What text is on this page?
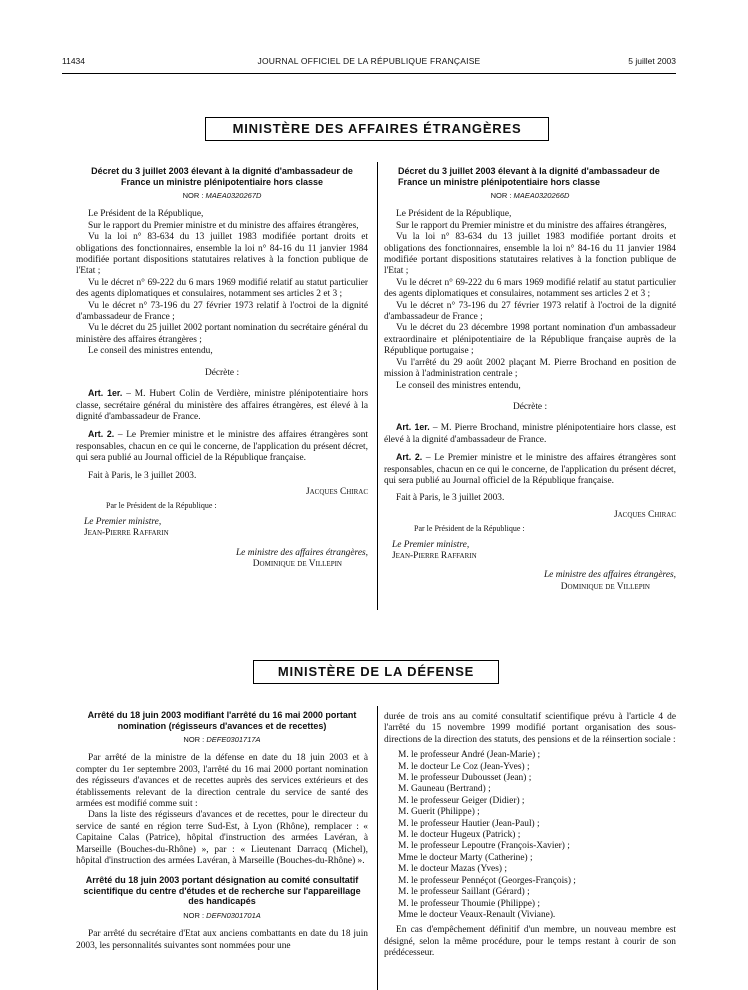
11434	JOURNAL OFFICIEL DE LA RÉPUBLIQUE FRANÇAISE	5 juillet 2003
MINISTÈRE DES AFFAIRES ÉTRANGÈRES
Décret du 3 juillet 2003 élevant à la dignité d'ambassadeur de France un ministre plénipotentiaire hors classe
NOR : MAEA0320267D

Le Président de la République,

Sur le rapport du Premier ministre et du ministre des affaires étrangères,

Vu la loi n° 83-634 du 13 juillet 1983 modifiée portant droits et obligations des fonctionnaires, ensemble la loi n° 84-16 du 11 janvier 1984 modifiée portant dispositions statutaires relatives à la fonction publique de l'Etat ;

Vu le décret n° 69-222 du 6 mars 1969 modifié relatif au statut particulier des agents diplomatiques et consulaires, notamment ses articles 2 et 3 ;

Vu le décret n° 73-196 du 27 février 1973 relatif à l'octroi de la dignité d'ambassadeur de France ;

Vu le décret du 25 juillet 2002 portant nomination du secrétaire général du ministère des affaires étrangères ;

Le conseil des ministres entendu,

Décrète :

Art. 1er. – M. Hubert Colin de Verdière, ministre plénipotentiaire hors classe, secrétaire général du ministère des affaires étrangères, est élevé à la dignité d'ambassadeur de France.

Art. 2. – Le Premier ministre et le ministre des affaires étrangères sont responsables, chacun en ce qui le concerne, de l'application du présent décret, qui sera publié au Journal officiel de la République française.

Fait à Paris, le 3 juillet 2003.

Jacques Chirac

Par le Président de la République :

Le Premier ministre,
Jean-Pierre Raffarin

Le ministre des affaires étrangères,
Dominique de Villepin

Décret du 3 juillet 2003 élevant à la dignité d'ambassadeur de France un ministre plénipotentiaire hors classe
NOR : MAEA0320266D

Le Président de la République,

Sur le rapport du Premier ministre et du ministre des affaires étrangères,

Vu la loi n° 83-634 du 13 juillet 1983 modifiée portant droits et obligations des fonctionnaires, ensemble la loi n° 84-16 du 11 janvier 1984 modifiée portant dispositions statutaires relatives à la fonction publique de l'Etat ;

Vu le décret n° 69-222 du 6 mars 1969 modifié relatif au statut particulier des agents diplomatiques et consulaires, notamment ses articles 2 et 3 ;

Vu le décret n° 73-196 du 27 février 1973 relatif à l'octroi de la dignité d'ambassadeur de France ;

Vu le décret du 23 décembre 1998 portant nomination d'un ambassadeur extraordinaire et plénipotentiaire de la République française auprès de la République portugaise ;

Vu l'arrêté du 29 août 2002 plaçant M. Pierre Brochand en position de mission à l'administration centrale ;

Le conseil des ministres entendu,

Décrète :

Art. 1er. – M. Pierre Brochand, ministre plénipotentiaire hors classe, est élevé à la dignité d'ambassadeur de France.

Art. 2. – Le Premier ministre et le ministre des affaires étrangères sont responsables, chacun en ce qui le concerne, de l'application du présent décret, qui sera publié au Journal officiel de la République française.

Fait à Paris, le 3 juillet 2003.

Jacques Chirac

Par le Président de la République :

Le Premier ministre,
Jean-Pierre Raffarin

Le ministre des affaires étrangères,
Dominique de Villepin

MINISTÈRE DE LA DÉFENSE
Arrêté du 18 juin 2003 modifiant l'arrêté du 16 mai 2000 portant nomination (régisseurs d'avances et de recettes)
NOR : DEFE0301717A

Par arrêté de la ministre de la défense en date du 18 juin 2003 et à compter du 1er septembre 2003, l'arrêté du 16 mai 2000 portant nomination des régisseurs d'avances et de recettes auprès des services extérieurs et des établissements relevant de la direction centrale du service de santé des armées est modifié comme suit :

Dans la liste des régisseurs d'avances et de recettes, pour le directeur du service de santé en région terre Sud-Est, à Lyon (Rhône), remplacer : « Capitaine Calas (Patrice), hôpital d'instruction des armées Lavéran, à Marseille (Bouches-du-Rhône) », par : « Lieutenant Darracq (Michel), hôpital d'instruction des armées Lavéran, à Marseille (Bouches-du-Rhône) ».

Arrêté du 18 juin 2003 portant désignation au comité consultatif scientifique du centre d'études et de recherche sur l'appareillage des handicapés
NOR : DEFN0301701A

Par arrêté du secrétaire d'Etat aux anciens combattants en date du 18 juin 2003, les personnalités suivantes sont nommées pour une

durée de trois ans au comité consultatif scientifique prévu à l'article 4 de l'arrêté du 15 novembre 1999 modifié portant organisation des sous-directions de la direction des statuts, des pensions et de la réinsertion sociale :

M. le professeur André (Jean-Marie) ;

M. le docteur Le Coz (Jean-Yves) ;

M. le professeur Dubousset (Jean) ;

M. Gauneau (Bertrand) ;

M. le professeur Geiger (Didier) ;

M. Guerit (Philippe) ;

M. le professeur Hautier (Jean-Paul) ;

M. le docteur Hugeux (Patrick) ;

M. le professeur Lepoutre (François-Xavier) ;

Mme le docteur Marty (Catherine) ;

M. le docteur Mazas (Yves) ;

M. le professeur Pennéçot (Georges-François) ;

M. le professeur Saillant (Gérard) ;

M. le professeur Thoumie (Philippe) ;

Mme le docteur Veaux-Renault (Viviane).

En cas d'empêchement définitif d'un membre, un nouveau membre est désigné, selon la même procédure, pour le temps restant à courir de son prédécesseur.
